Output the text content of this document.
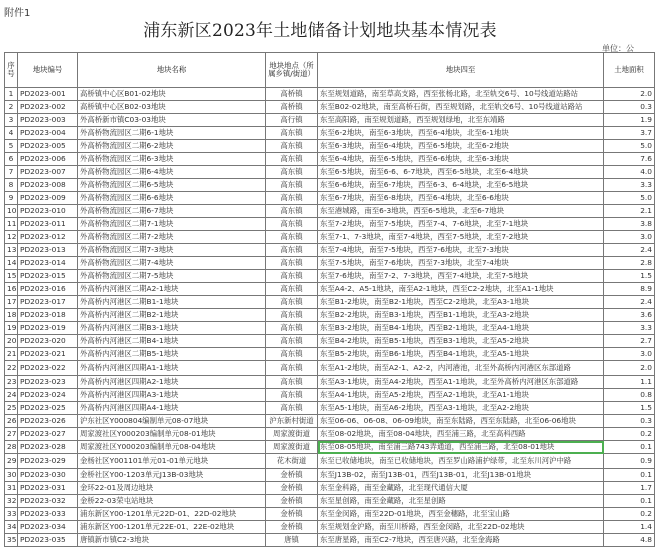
附件1
浦东新区2023年土地储备计划地块基本情况表
单位：公
序号	地块编号	地块名称	地块地点（所属乡镇/街道）	地块四至	土地面积
1	PD2023-001	高桥镇中心区B01-02地块	高桥镇	东至规划道路，南至草高支路，西至张杨北路，北至轨交6号、10号线道站路站	2.0
2	PD2023-002	高桥镇中心区B02-03地块	高桥镇	东至B02-02地块，南至高桥石街，西至规划路，北至轨交6号、10号线道站路站	0.3
3	PD2023-003	外高桥新市镇C03-03地块	高行镇	东至高阳路，南至规划道路，西至规划绿地，北至东靖路	1.9
4	PD2023-004	外高桥物流园区二期6-1地块	高东镇	东至6-2地块，南至6-3地块，西至6-4地块，北至6-1地块	3.7
5	PD2023-005	外高桥物流园区二期6-2地块	高东镇	东至6-3地块，南至6-4地块，西至6-5地块，北至6-2地块	5.0
6	PD2023-006	外高桥物流园区二期6-3地块	高东镇	东至6-4地块，南至6-5地块，西至6-6地块，北至6-3地块	7.6
7	PD2023-007	外高桥物流园区二期6-4地块	高东镇	东至6-5地块，南至6-6、6-7地块，西至6-5地块，北至6-4地块	4.0
8	PD2023-008	外高桥物流园区二期6-5地块	高东镇	东至6-6地块，南至6-7地块，西至6-3、6-4地块，北至6-5地块	3.3
9	PD2023-009	外高桥物流园区二期6-6地块	高东镇	东至6-7地块，南至6-8地块，西至6-4地块，北至6-6地块	5.0
10	PD2023-010	外高桥物流园区二期6-7地块	高东镇	东至港城路，南至6-3地块，西至6-5地块，北至6-7地块	2.1
11	PD2023-011	外高桥物流园区二期7-1地块	高东镇	东至7-2地块，南至7-5地块，西至7-4、7-6地块，北至7-1地块	3.8
12	PD2023-012	外高桥物流园区二期7-2地块	高东镇	东至7-1、7-3地块，南至7-4地块，西至7-5地块，北至7-2地块	3.0
13	PD2023-013	外高桥物流园区二期7-3地块	高东镇	东至7-4地块，南至7-5地块，西至7-6地块，北至7-3地块	2.4
14	PD2023-014	外高桥物流园区二期7-4地块	高东镇	东至7-5地块，南至7-6地块，西至7-3地块，北至7-4地块	2.8
15	PD2023-015	外高桥物流园区二期7-5地块	高东镇	东至7-6地块，南至7-2、7-3地块，西至7-4地块，北至7-5地块	1.5
16	PD2023-016	外高桥内河港区二期A2-1地块	高东镇	东至A4-2、A5-1地块，南至A2-1地块，西至C2-2地块，北至A1-1地块	8.9
17	PD2023-017	外高桥内河港区二期B1-1地块	高东镇	东至B1-2地块，南至B2-1地块，西至C2-2地块，北至A3-1地块	2.4
18	PD2023-018	外高桥内河港区二期B2-1地块	高东镇	东至B2-2地块，南至B3-1地块，西至B1-1地块，北至A3-2地块	3.6
19	PD2023-019	外高桥内河港区二期B3-1地块	高东镇	东至B3-2地块，南至B4-1地块，西至B2-1地块，北至A4-1地块	3.3
20	PD2023-020	外高桥内河港区二期B4-1地块	高东镇	东至B4-2地块，南至B5-1地块，西至B3-1地块，北至A5-2地块	2.7
21	PD2023-021	外高桥内河港区二期B5-1地块	高东镇	东至B5-2地块，南至B6-1地块，西至B4-1地块，北至A5-1地块	3.0
22	PD2023-022	外高桥内河港区四期A1-1地块	高东镇	东至A1-2地块，南至A2-1、A2-2，内河港池，北至外高桥内河港区东部道路	2.0
23	PD2023-023	外高桥内河港区四期A2-1地块	高东镇	东至A3-1地块，南至A4-2地块，西至A1-1地块，北至外高桥内河港区东部道路	1.1
24	PD2023-024	外高桥内河港区四期A3-1地块	高东镇	东至A4-1地块，南至A5-2地块，西至A2-1地块，北至A1-1地块	0.8
25	PD2023-025	外高桥内河港区四期A4-1地块	高东镇	东至A5-1地块，南至A6-2地块，西至A3-1地块，北至A2-2地块	1.5
26	PD2023-026	沪东社区Y000804编制单元08-07地块	沪东新村街道	东至06-06、06-08、06-09地块，南至东陆路，西至东陆路，北至06-06地块	0.3
27	PD2023-027	周家渡社区Y000203编制单元08-01地块	周家渡街道	东至08-02地块，南至08-04地块，西至浦三路，北至高科西路	0.2
28	PD2023-028	周家渡社区Y000203编制单元08-04地块	周家渡街道	东至08-05地块，南至浦三路743弄通道，西至浦三路，北至08-01地块	0.1
29	PD2023-029	金杨社区Y001101单元01-01单元地块	花木街道	东至已收储地块，南至已收储地块，西至罗山路浦护绿带，北至东川河沪中路	0.9
30	PD2023-030	金桥社区Y00-1203单元J13B-03地块	金桥镇	东至J13B-02，南至J13B-01，西至J13B-01，北至J13B-01地块	0.1
31	PD2023-031	金环22-01及周边地块	金桥镇	东至金科路，南至金藏路，北至现代通信大厦	1.7
32	PD2023-032	金桥22-03荣屯站地块	金桥镇	东至星创路，南至金藏路，北至星创路	0.1
33	PD2023-033	浦东新区Y00-1201单元22D-01、22D-02地块	金桥镇	东至金闵路，南至22D-01地块，西至金穗路，北至宝山路	0.2
34	PD2023-034	浦东新区Y00-1201单元22E-01、22E-02地块	金桥镇	东至规划金沪路，南至川桥路，西至金闵路，北至22D-02地块	1.4
35	PD2023-035	唐镇新市镇C2-3地块	唐镇	东至唐星路，南至C2-7地块，西至唐兴路，北至金海路	4.8
